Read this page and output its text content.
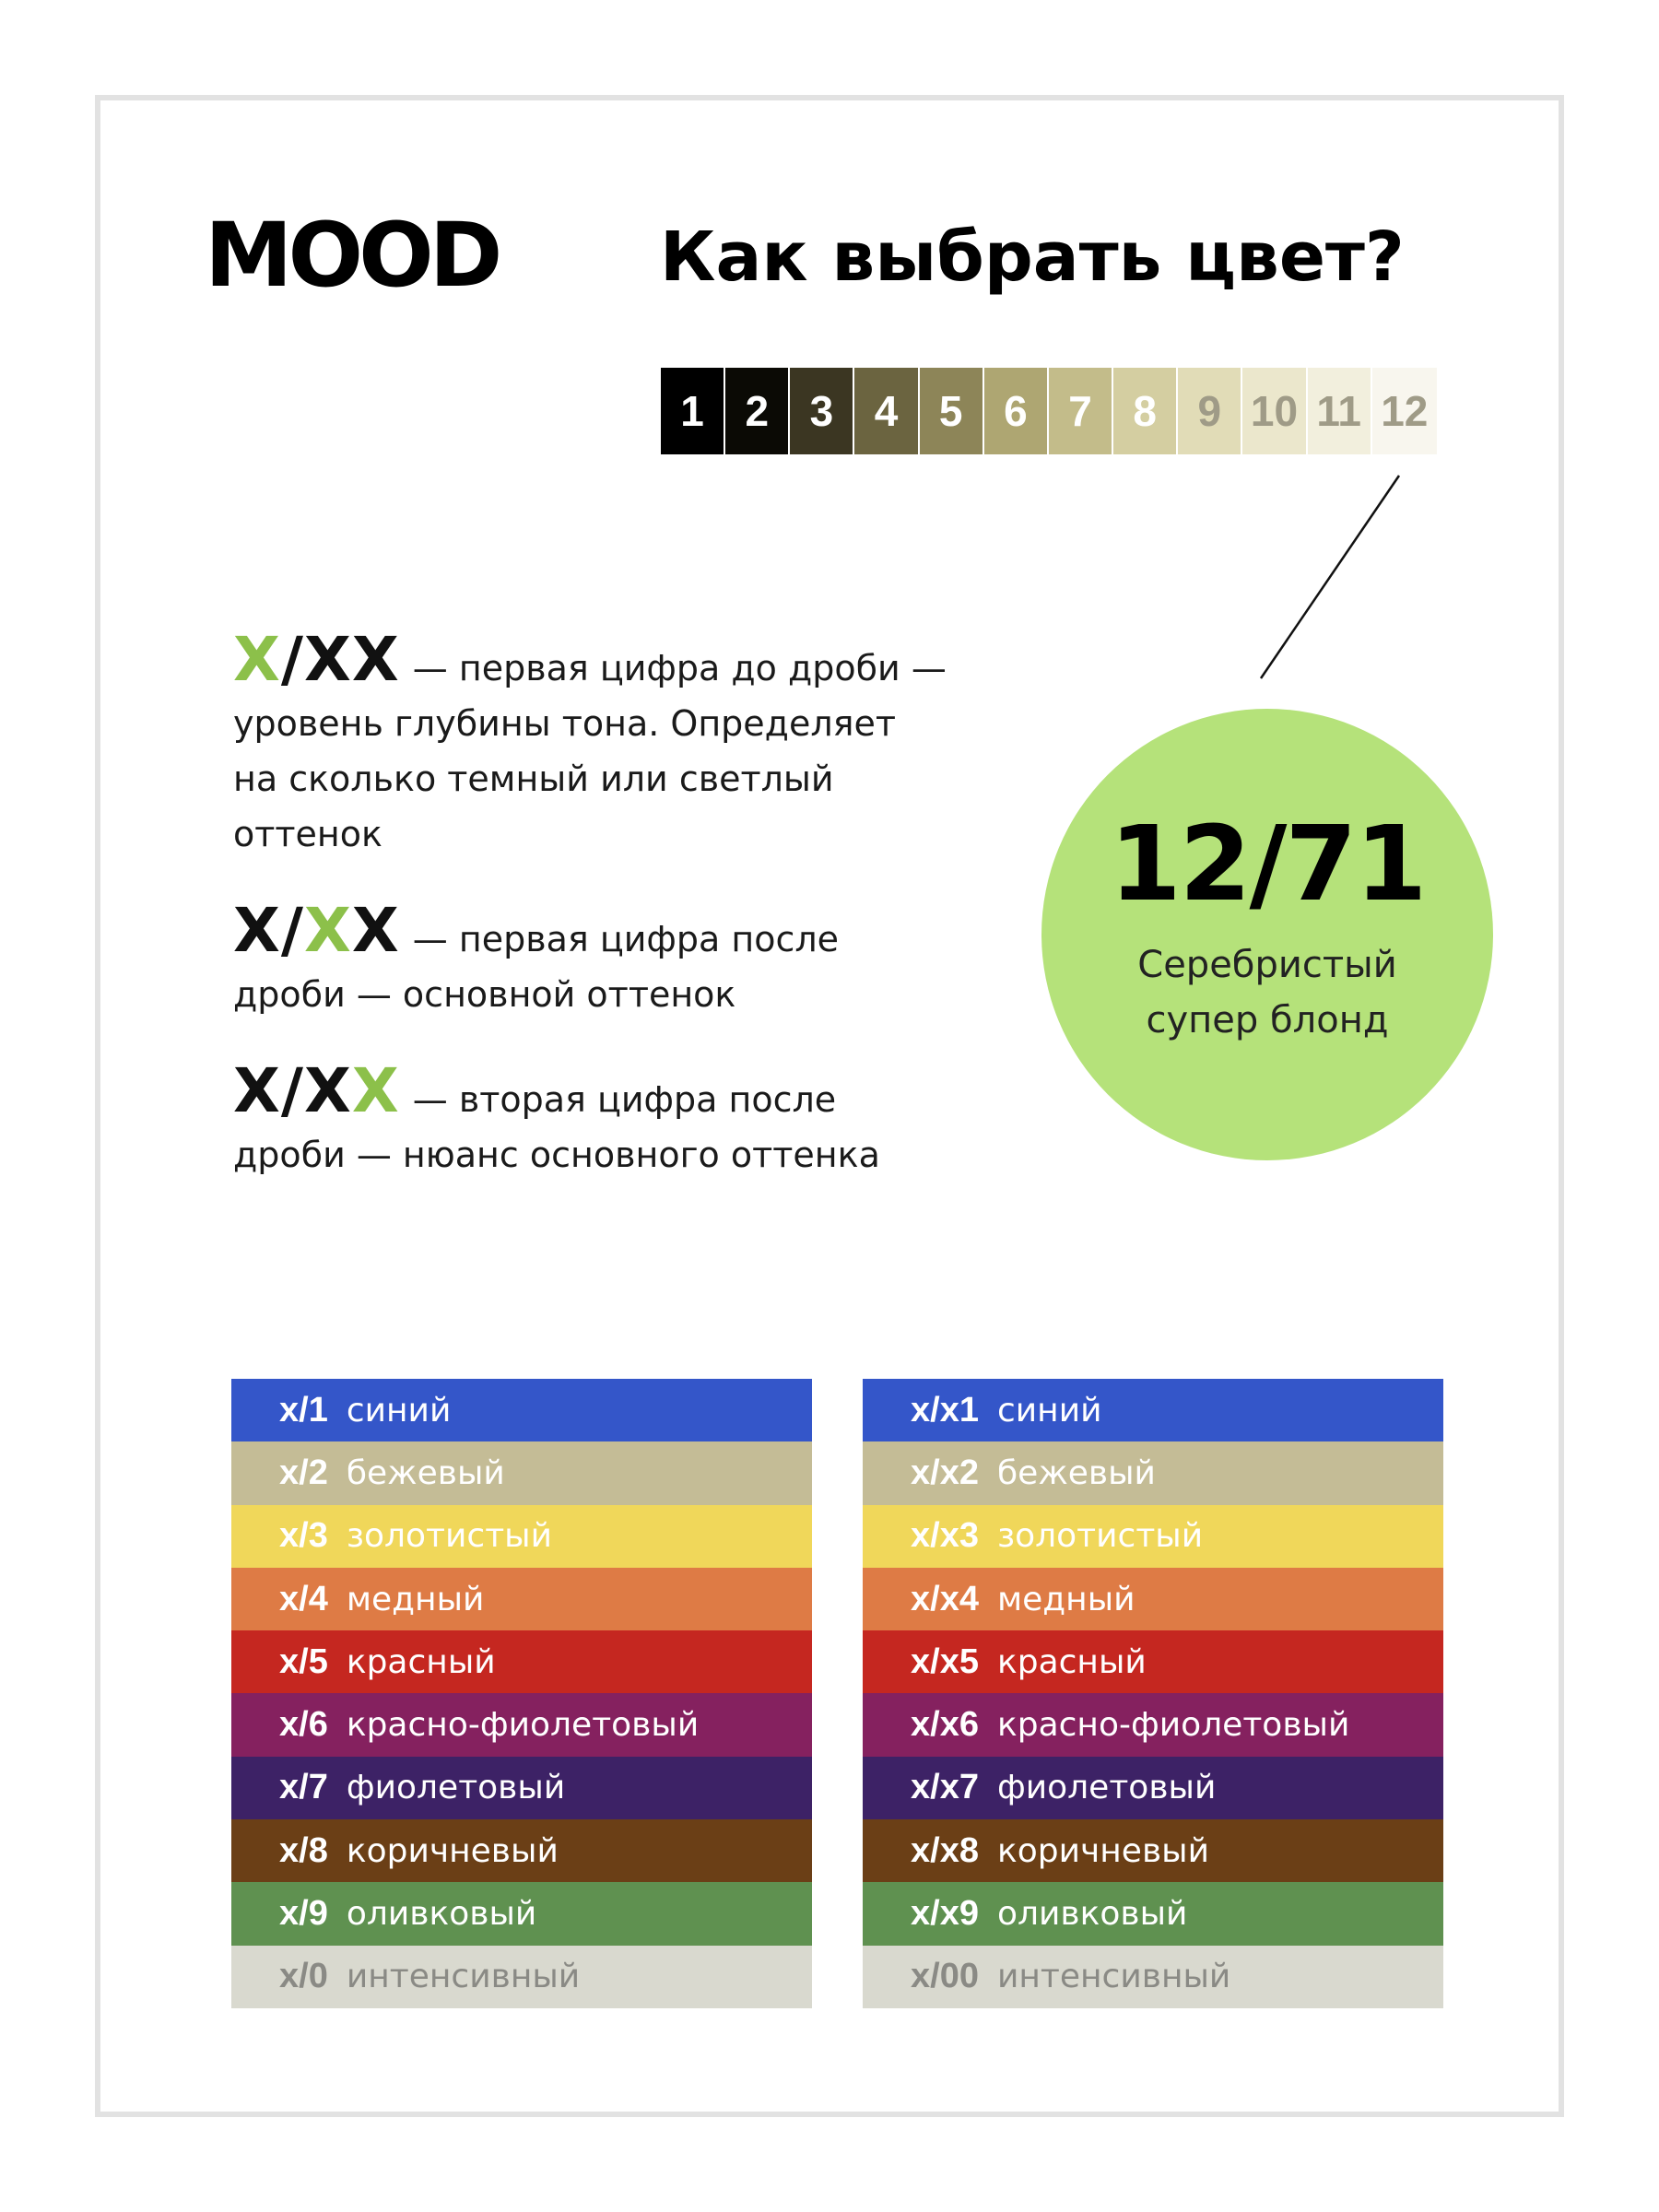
MOOD Как выбрать цвет?
1 2 3 4 5 6 7 8 9 10 11 12
12/71
Серебристый
супер блонд
Х/ХХ — первая цифра до дроби —
уровень глубины тона. Определяет
на сколько темный или светлый
оттенок
Х/ХХ — первая цифра после
дроби — основной оттенок
Х/ХХ — вторая цифра после
дроби — нюанс основного оттенка
х/1 синий
х/2 бежевый
х/3 золотистый
х/4 медный
х/5 красный
х/6 красно-фиолетовый
х/7 фиолетовый
х/8 коричневый
х/9 оливковый
х/0 интенсивный
х/х1 синий
х/х2 бежевый
х/х3 золотистый
х/х4 медный
х/х5 красный
х/х6 красно-фиолетовый
х/х7 фиолетовый
х/х8 коричневый
х/х9 оливковый
х/00 интенсивный
